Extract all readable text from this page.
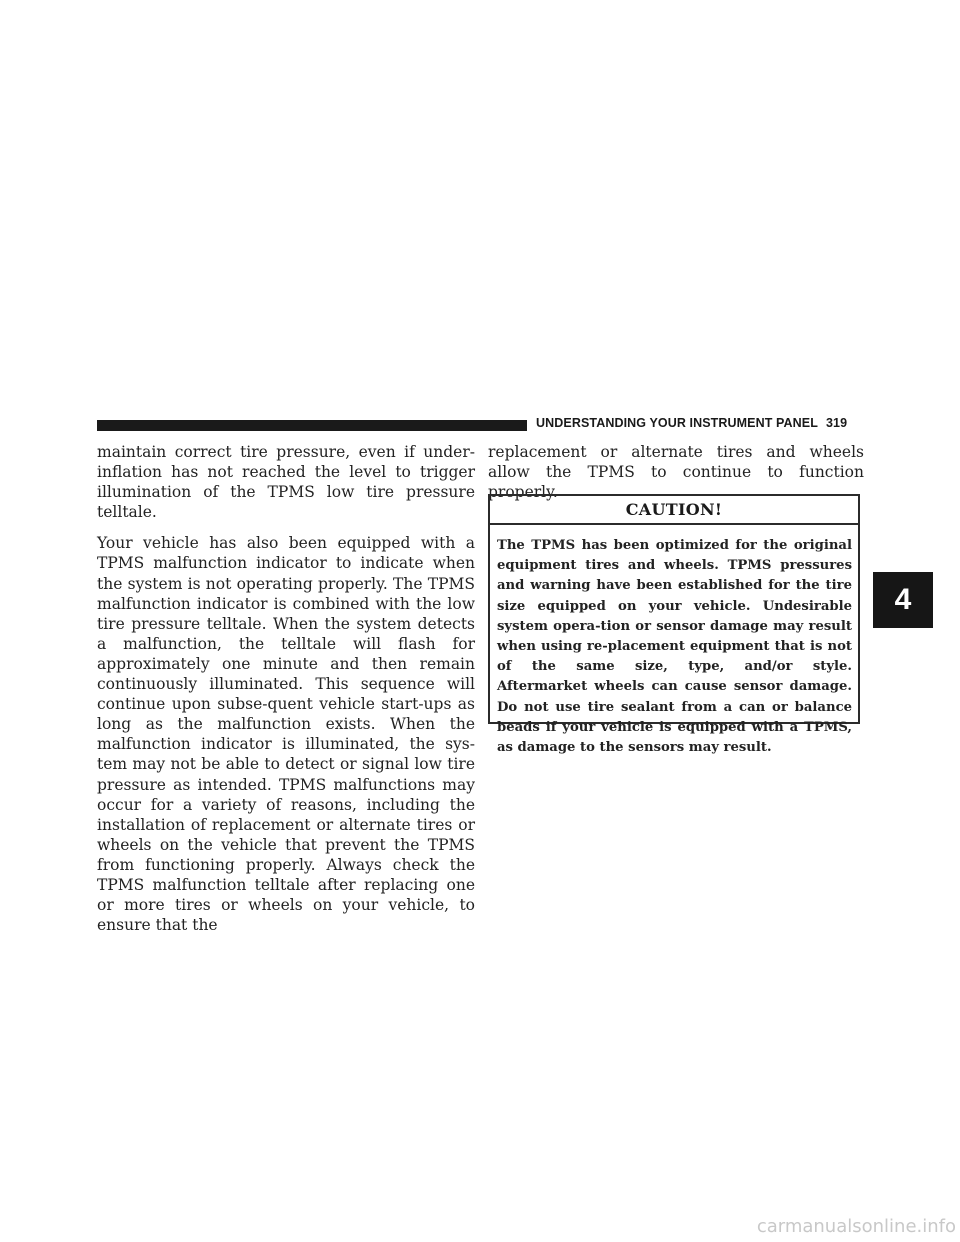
UNDERSTANDING YOUR INSTRUMENT PANEL 319

maintain correct tire pressure, even if under-inflation has not reached the level to trigger illumination of the TPMS low tire pressure telltale.

Your vehicle has also been equipped with a TPMS malfunction indicator to indicate when the system is not operating properly. The TPMS malfunction indicator is combined with the low tire pressure telltale. When the system detects a malfunction, the telltale will flash for approximately one minute and then remain continuously illuminated. This sequence will continue upon subse-quent vehicle start-ups as long as the malfunction exists. When the malfunction indicator is illuminated, the sys-tem may not be able to detect or signal low tire pressure as intended. TPMS malfunctions may occur for a variety of reasons, including the installation of replacement or alternate tires or wheels on the vehicle that prevent the TPMS from functioning properly. Always check the TPMS malfunction telltale after replacing one or more tires or wheels on your vehicle, to ensure that the

replacement or alternate tires and wheels allow the TPMS to continue to function properly.

CAUTION!
The TPMS has been optimized for the original equipment tires and wheels. TPMS pressures and warning have been established for the tire size equipped on your vehicle. Undesirable system opera-tion or sensor damage may result when using re-placement equipment that is not of the same size, type, and/or style. Aftermarket wheels can cause sensor damage. Do not use tire sealant from a can or balance beads if your vehicle is equipped with a TPMS, as damage to the sensors may result.
4
carmanualsonline.info
